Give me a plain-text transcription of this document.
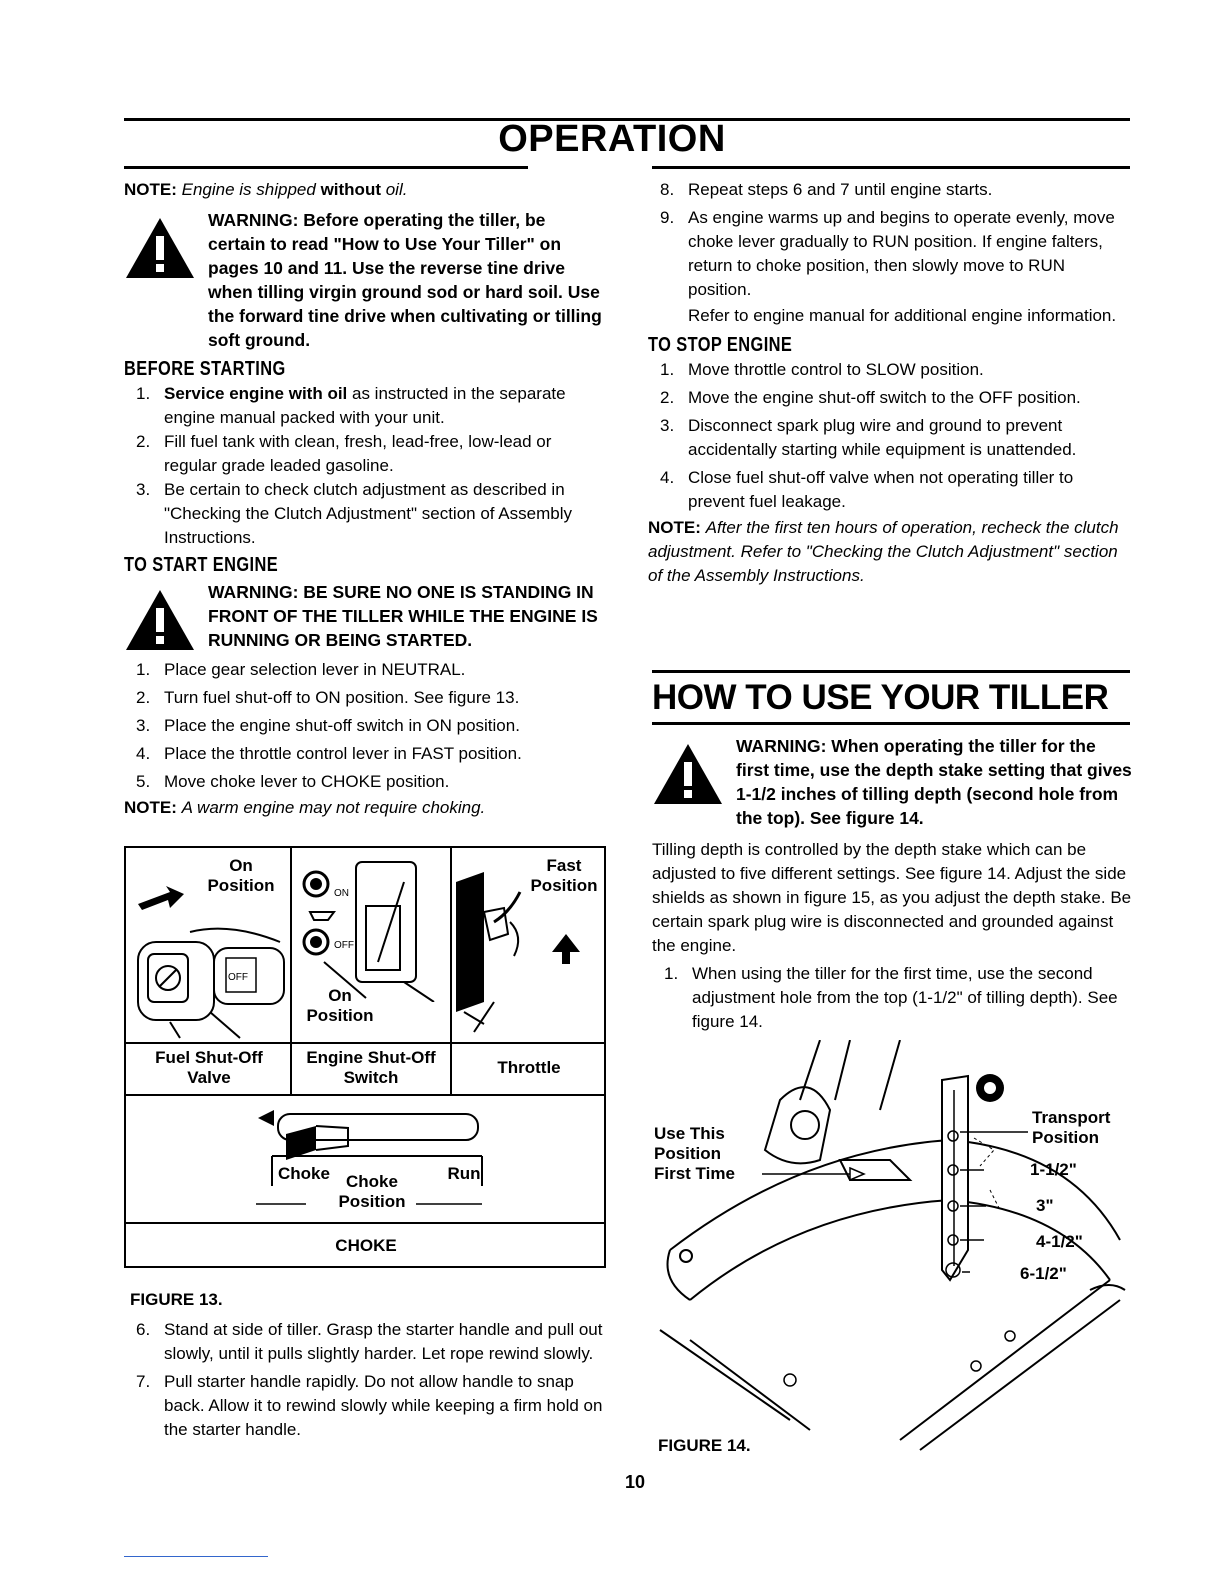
OPERATION

NOTE: Engine is shipped without oil.

WARNING: Before operating the tiller, be certain to read "How to Use Your Tiller" on pages 10 and 11. Use the reverse tine drive when tilling virgin ground sod or hard soil. Use the forward tine drive when cultivating or tilling soft ground.
BEFORE STARTING
1. Service engine with oil as instructed in the separate engine manual packed with your unit.
2. Fill fuel tank with clean, fresh, lead-free, low-lead or regular grade leaded gasoline.
3. Be certain to check clutch adjustment as described in "Checking the Clutch Adjustment" section of Assembly Instructions.
TO START ENGINE
WARNING: BE SURE NO ONE IS STANDING IN FRONT OF THE TILLER WHILE THE ENGINE IS RUNNING OR BEING STARTED.
1. Place gear selection lever in NEUTRAL.
2. Turn fuel shut-off to ON position. See figure 13.
3. Place the engine shut-off switch in ON position.
4. Place the throttle control lever in FAST position.
5. Move choke lever to CHOKE position.

NOTE: A warm engine may not require choking.

On Position
OFF
ON
OFF
On Position
Fast Position
Fuel Shut-Off Valve
Engine Shut-Off Switch
Throttle
Choke Choke Position
Run
CHOKE
FIGURE 13.
6. Stand at side of tiller. Grasp the starter handle and pull out slowly, until it pulls slightly harder. Let rope rewind slowly.
7. Pull starter handle rapidly. Do not allow handle to snap back. Allow it to rewind slowly while keeping a firm hold on the starter handle.
8. Repeat steps 6 and 7 until engine starts.
9. As engine warms up and begins to operate evenly, move choke lever gradually to RUN position. If engine falters, return to choke position, then slowly move to RUN position.

Refer to engine manual for additional engine information.

TO STOP ENGINE
1. Move throttle control to SLOW position.
2. Move the engine shut-off switch to the OFF position.
3. Disconnect spark plug wire and ground to prevent accidentally starting while equipment is unattended.
4. Close fuel shut-off valve when not operating tiller to prevent fuel leakage.

NOTE: After the first ten hours of operation, recheck the clutch adjustment. Refer to "Checking the Clutch Adjustment" section of the Assembly Instructions.

HOW TO USE YOUR TILLER
WARNING: When operating the tiller for the first time, use the depth stake setting that gives 1-1/2 inches of tilling depth (second hole from the top). See figure 14.

Tilling depth is controlled by the depth stake which can be adjusted to five different settings. See figure 14. Adjust the side shields as shown in figure 15, as you adjust the depth stake. Be certain spark plug wire is disconnected and grounded against the engine.

1. When using the tiller for the first time, use the second adjustment hole from the top (1-1/2" of tilling depth). See figure 14.
Use This Position First Time
Transport Position
1-1/2"
3"
4-1/2"
6-1/2"
FIGURE 14.
10
